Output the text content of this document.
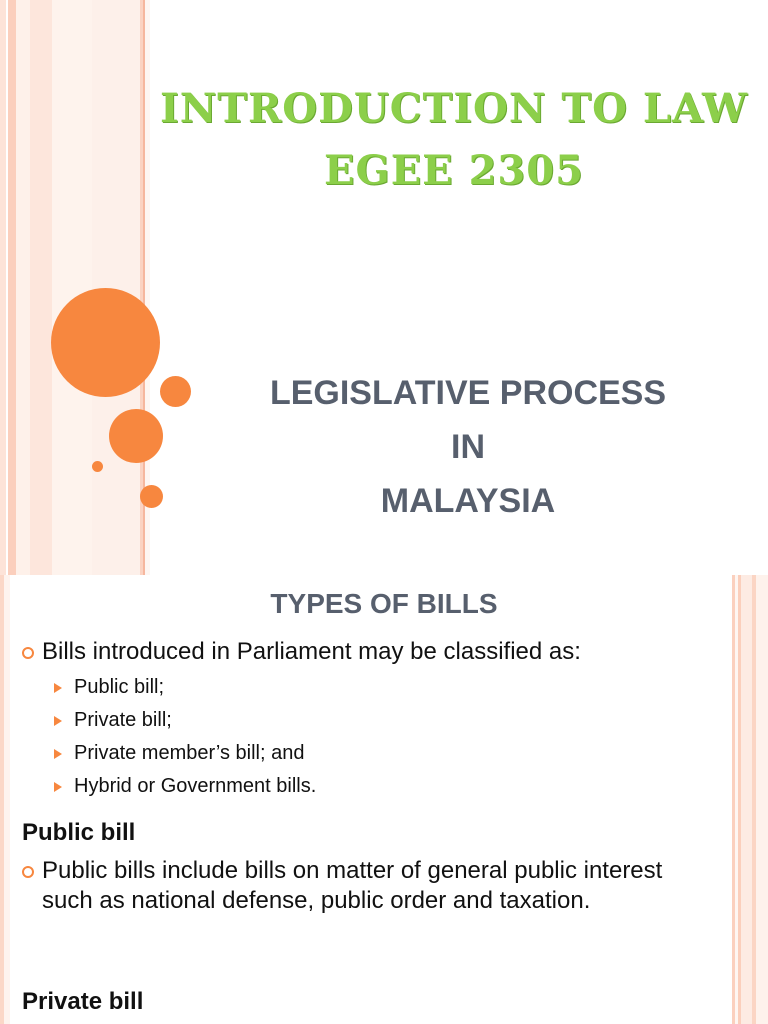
INTRODUCTION TO LAW
EGEE 2305
LEGISLATIVE PROCESS
IN
MALAYSIA
TYPES OF BILLS
Bills introduced in Parliament may be classified as:
Public bill;
Private bill;
Private member’s bill; and
Hybrid or Government bills.
Public bill
Public bills include bills on matter of general public interest such as national defense, public order and taxation.
Private bill
